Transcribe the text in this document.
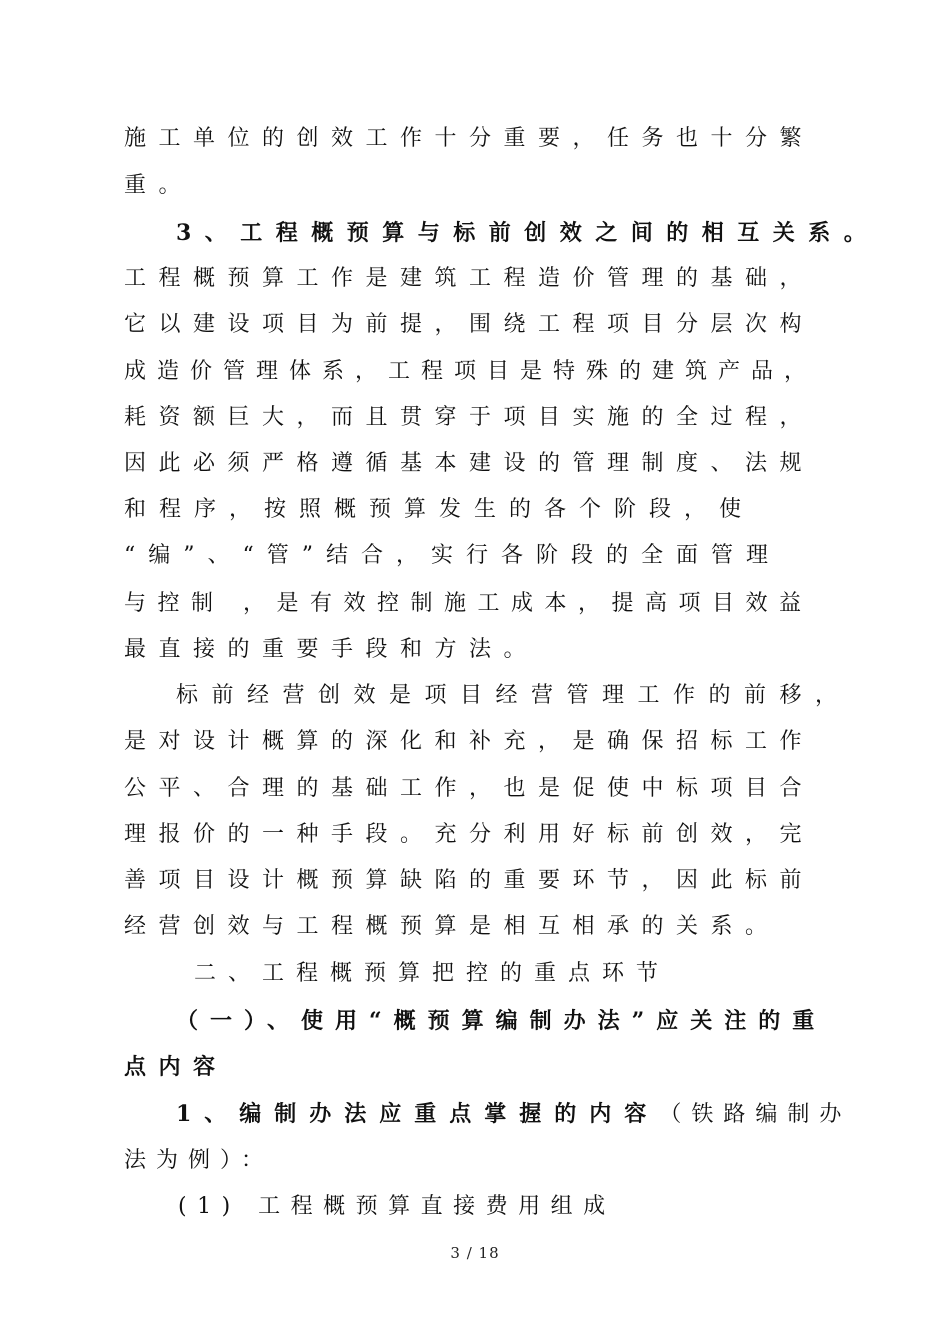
施工单位的创效工作十分重要，任务也十分繁
重。
3、工程概预算与标前创效之间的相互关系。
工程概预算工作是建筑工程造价管理的基础，
它以建设项目为前提，围绕工程项目分层次构
成造价管理体系，工程项目是特殊的建筑产品，
耗资额巨大，而且贯穿于项目实施的全过程，
因此必须严格遵循基本建设的管理制度、法规
和程序，按照概预算发生的各个阶段，使
“编”、“管”结合，实行各阶段的全面管理
与控制 ，是有效控制施工成本，提高项目效益
最直接的重要手段和方法。
标前经营创效是项目经营管理工作的前移，
是对设计概算的深化和补充，是确保招标工作
公平、合理的基础工作，也是促使中标项目合
理报价的一种手段。充分利用好标前创效，完
善项目设计概预算缺陷的重要环节，因此标前
经营创效与工程概预算是相互相承的关系。
二、工程概预算把控的重点环节
（一）、使用“概预算编制办法”应关注的重
点内容
1、编制办法应重点掌握的内容（铁路编制办
法为例）：
(1) 工程概预算直接费用组成
3 / 18
